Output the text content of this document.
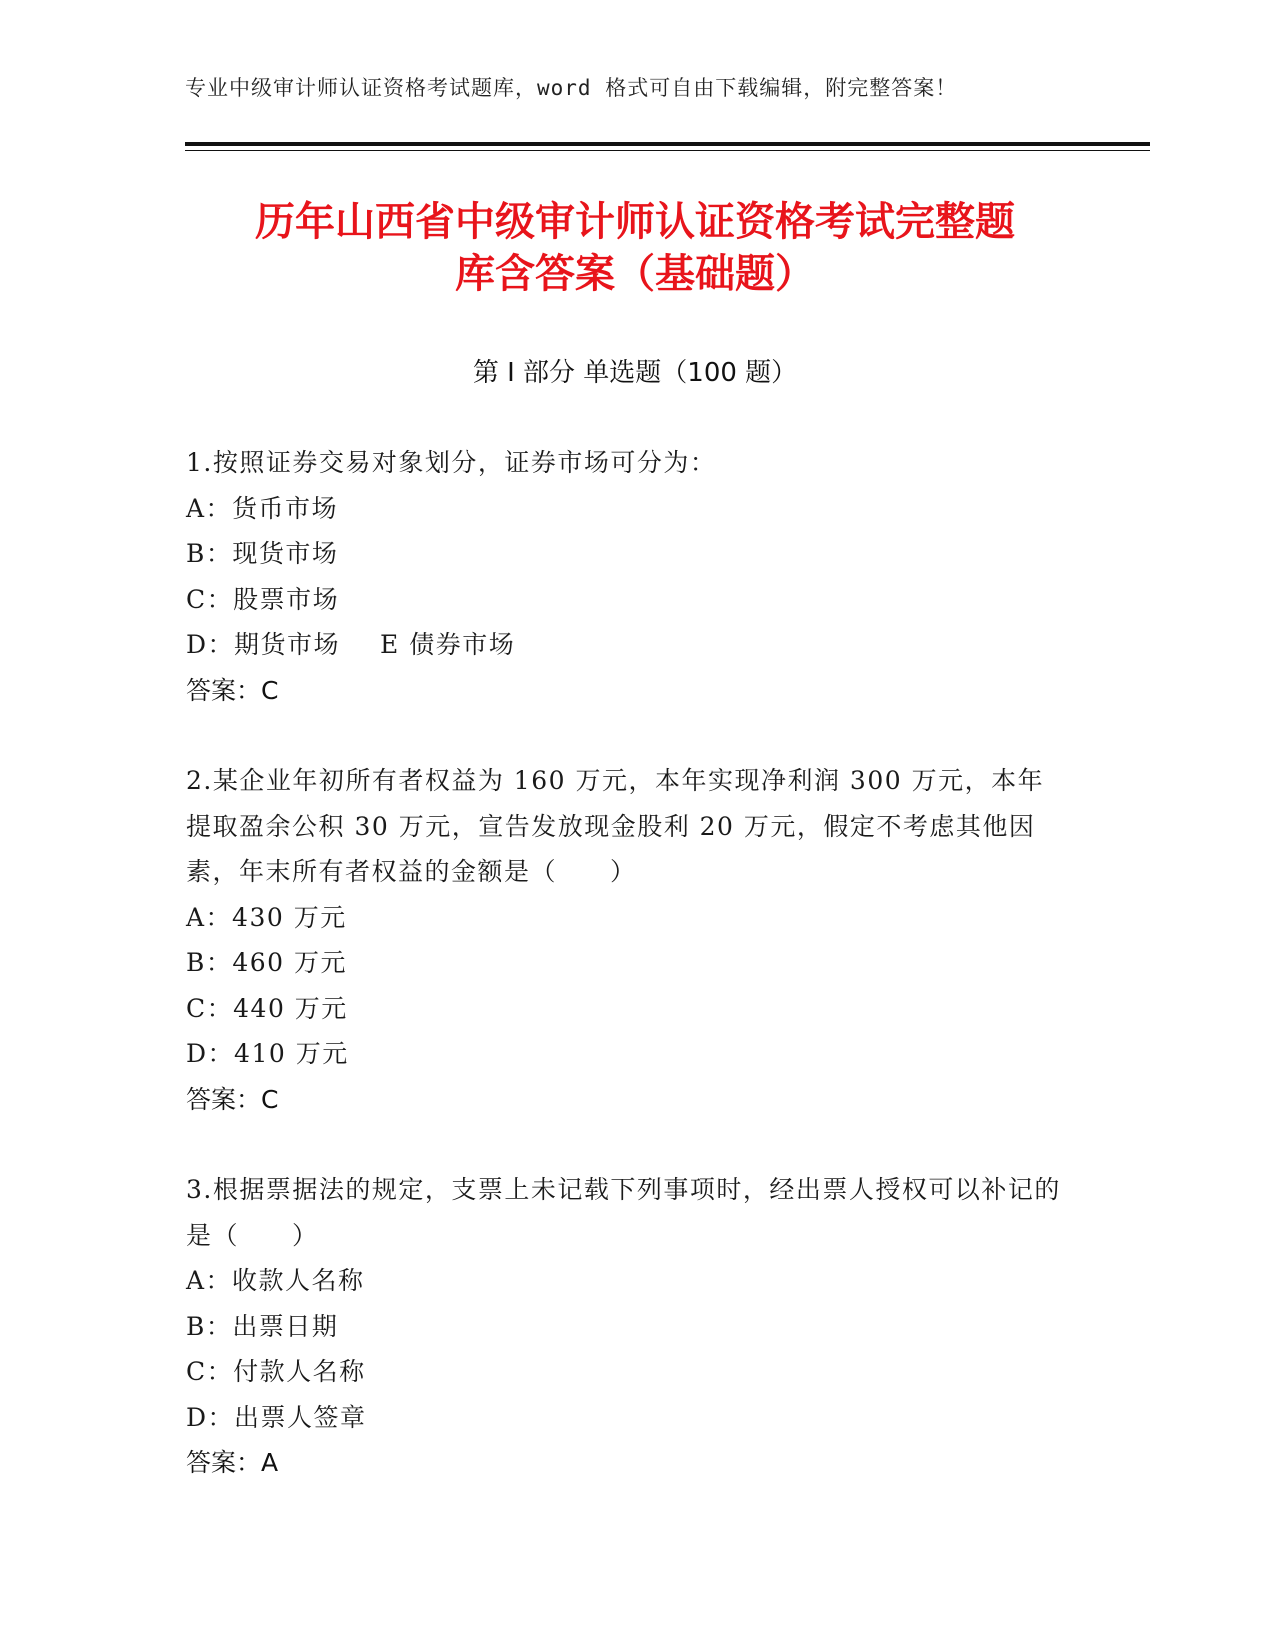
专业中级审计师认证资格考试题库，word 格式可自由下载编辑，附完整答案！
历年山西省中级审计师认证资格考试完整题
库含答案（基础题）
第 I 部分 单选题（100 题）
1.按照证券交易对象划分，证券市场可分为：
A：货币市场
B：现货市场
C：股票市场
D：期货市场 E 债券市场
答案：C
2.某企业年初所有者权益为 160 万元，本年实现净利润 300 万元，本年提取盈余公积 30 万元，宣告发放现金股利 20 万元，假定不考虑其他因素，年末所有者权益的金额是（　　）
A：430 万元
B：460 万元
C：440 万元
D：410 万元
答案：C
3.根据票据法的规定，支票上未记载下列事项时，经出票人授权可以补记的是（　　）
A：收款人名称
B：出票日期
C：付款人名称
D：出票人签章
答案：A
